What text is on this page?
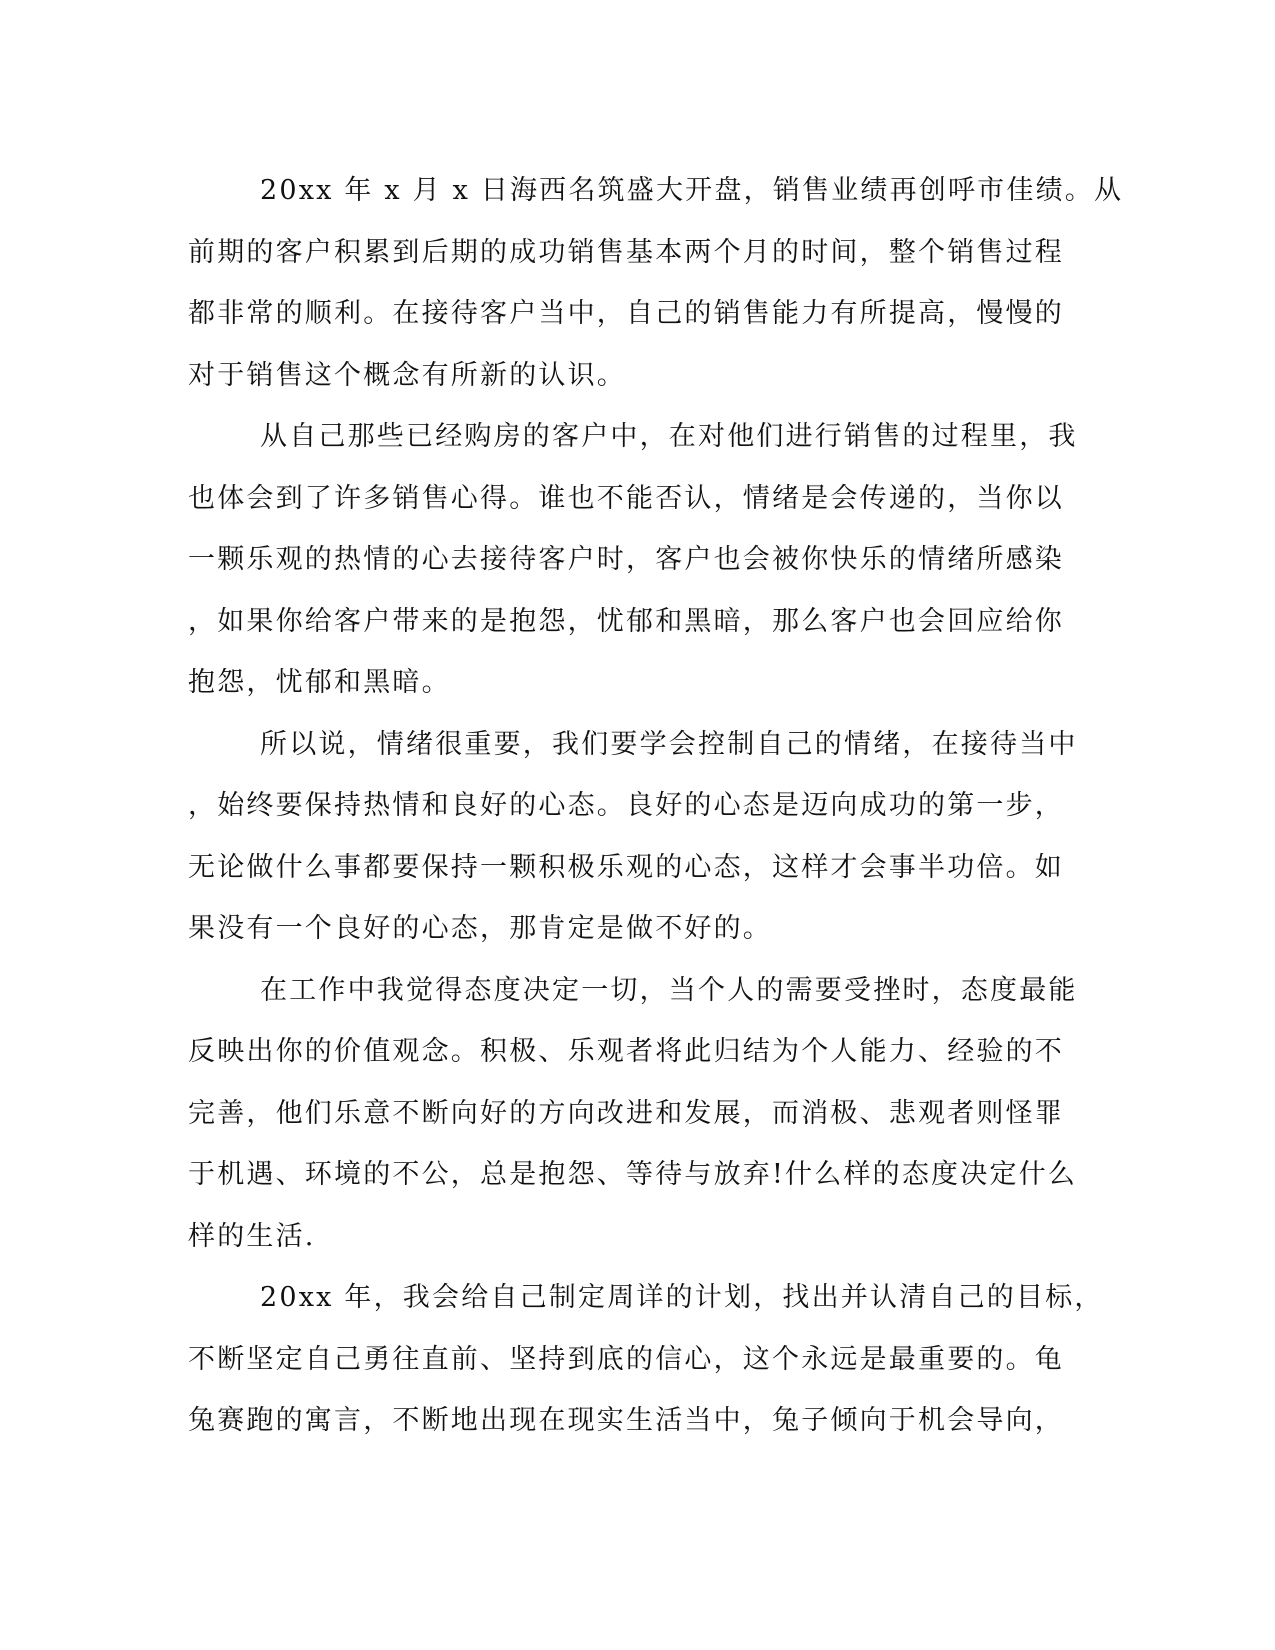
20xx 年 x 月 x 日海西名筑盛大开盘，销售业绩再创呼市佳绩。从
前期的客户积累到后期的成功销售基本两个月的时间，整个销售过程
都非常的顺利。在接待客户当中，自己的销售能力有所提高，慢慢的
对于销售这个概念有所新的认识。
从自己那些已经购房的客户中，在对他们进行销售的过程里，我
也体会到了许多销售心得。谁也不能否认，情绪是会传递的，当你以
一颗乐观的热情的心去接待客户时，客户也会被你快乐的情绪所感染
，如果你给客户带来的是抱怨，忧郁和黑暗，那么客户也会回应给你
抱怨，忧郁和黑暗。
所以说，情绪很重要，我们要学会控制自己的情绪，在接待当中
，始终要保持热情和良好的心态。良好的心态是迈向成功的第一步，
无论做什么事都要保持一颗积极乐观的心态，这样才会事半功倍。如
果没有一个良好的心态，那肯定是做不好的。
在工作中我觉得态度决定一切，当个人的需要受挫时，态度最能
反映出你的价值观念。积极、乐观者将此归结为个人能力、经验的不
完善，他们乐意不断向好的方向改进和发展，而消极、悲观者则怪罪
于机遇、环境的不公，总是抱怨、等待与放弃!什么样的态度决定什么
样的生活.
20xx 年，我会给自己制定周详的计划，找出并认清自己的目标，
不断坚定自己勇往直前、坚持到底的信心，这个永远是最重要的。龟
兔赛跑的寓言，不断地出现在现实生活当中，兔子倾向于机会导向，
